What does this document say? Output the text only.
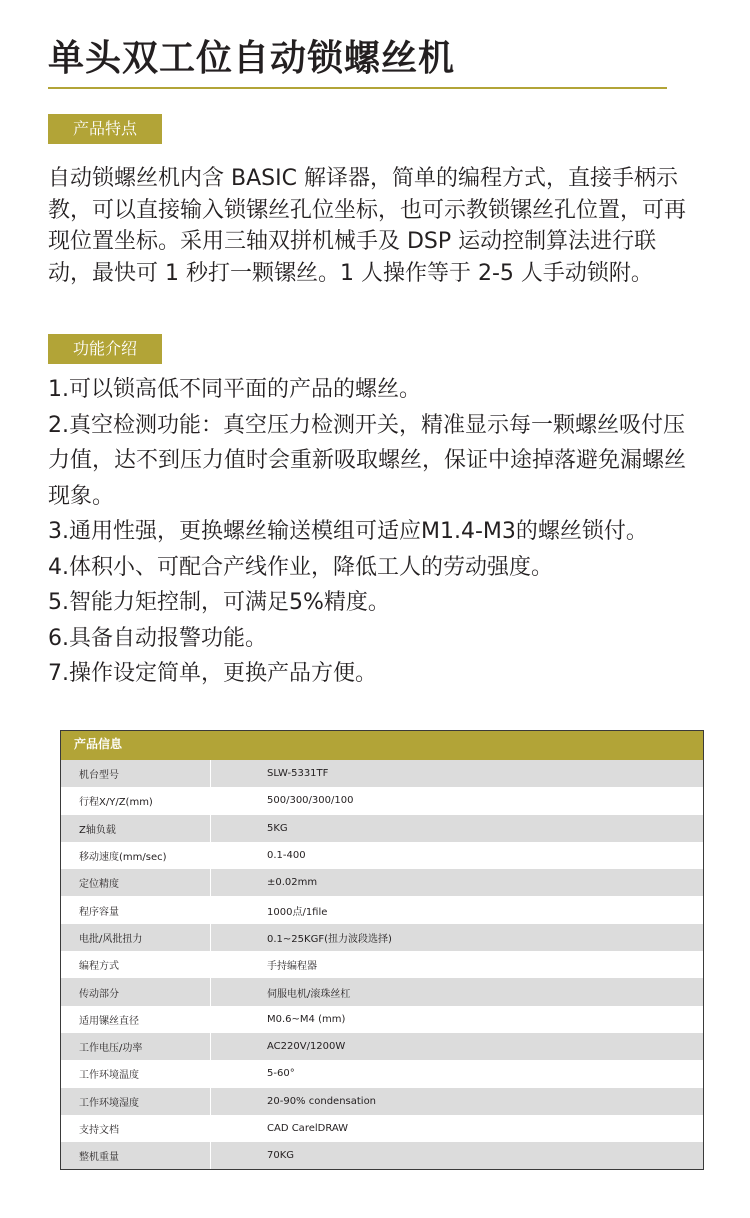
单头双工位自动锁螺丝机
产品特点

自动锁螺丝机内含 BASIC 解译器，简单的编程方式，直接手柄示教，可以直接输入锁镙丝孔位坐标，也可示教锁镙丝孔位置，可再现位置坐标。采用三轴双拼机械手及 DSP 运动控制算法进行联动，最快可 1 秒打一颗镙丝。1 人操作等于 2-5 人手动锁附。

功能介绍
1.可以锁高低不同平面的产品的螺丝。
2.真空检测功能：真空压力检测开关，精准显示每一颗螺丝吸付压力值，达不到压力值时会重新吸取螺丝，保证中途掉落避免漏螺丝现象。
3.通用性强，更换螺丝输送模组可适应M1.4-M3的螺丝锁付。
4.体积小、可配合产线作业，降低工人的劳动强度。
5.智能力矩控制，可满足5%精度。
6.具备自动报警功能。
7.操作设定简单，更换产品方便。
产品信息
机台型号	SLW-5331TF
行程X/Y/Z(mm)	500/300/300/100
Z轴负载	5KG
移动速度(mm/sec)	0.1-400
定位精度	±0.02mm
程序容量	1000点/1file
电批/风批扭力	0.1~25KGF(扭力波段选择)
编程方式	手持编程器
传动部分	伺服电机/滚珠丝杠
适用镙丝直径	M0.6~M4 (mm)
工作电压/功率	AC220V/1200W
工作环境温度	5-60°
工作环境湿度	20-90% condensation
支持文档	CAD CarelDRAW
整机重量	70KG
